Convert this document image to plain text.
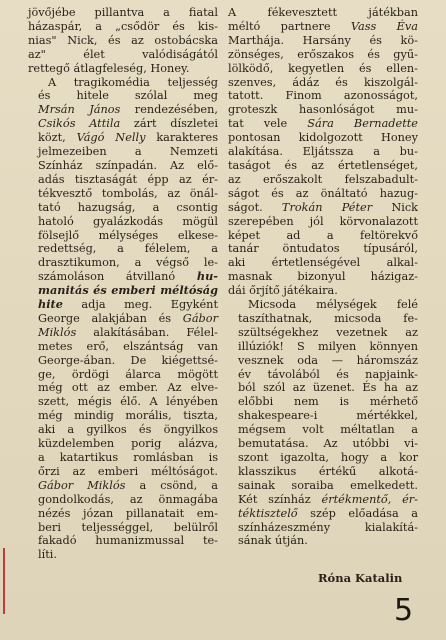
jövőjébe pillantva a fiatal
házaspár, a „csődör és kis-
nias" Nick, és az ostobácska
az" élet valódiságától
rettegő átlagfeleség, Honey.

A tragikomédia teljesség
és hitele szólal meg
Mrsán János rendezésében,
Csikós Attila zárt díszletei
közt, Vágó Nelly karakteres
jelmezeiben a Nemzeti
Színház színpadán. Az elő-
adás tisztaságát épp az ér-
tékvesztő tombolás, az önál-
tató hazugság, a csontig
hatoló gyalázkodás mögül
fölsejlő mélységes elkese-
redettség, a félelem, a
drasztikumon, a végső le-
számoláson átvillanó hu-
manitás és emberi méltóság
hite adja meg. Egyként
George alakjában és Gábor
Miklós alakításában. Félel-
metes erő, elszántság van
George-ában. De kiégettsé-
ge, ördögi álarca mögött
még ott az ember. Az elve-
szett, mégis élő. A lényében
még mindig morális, tiszta,
aki a gyilkos és öngyilkos
küzdelemben porig alázva,
a katartikus romlásban is
őrzi az emberi méltóságot.
Gábor Miklós a csönd, a
gondolkodás, az önmagába
nézés józan pillanatait em-
beri teljességgel, belülről
fakadó humanizmussal te-
líti.

A fékevesztett játékban
méltó partnere Vass Éva
Marthája. Harsány és kö-
zönséges, erőszakos és gyű-
lölködő, kegyetlen és ellen-
szenves, ádáz és kiszolgál-
tatott. Finom azonosságot,
groteszk hasonlóságot mu-
tat vele Sára Bernadette
pontosan kidolgozott Honey
alakítása. Eljátssza a bu-
taságot és az értetlenséget,
az erőszakolt felszabadult-
ságot és az önáltató hazug-
ságot. Trokán Péter Nick
szerepében jól körvonalazott
képet ad a feltörekvő
tanár öntudatos típusáról,
aki értetlenségével alkal-
masnak bizonyul házigaz-
dái őrjítő játékaira.

Micsoda mélységek felé
taszíthatnak, micsoda fe-
szültségekhez vezetnek az
illúziók! S milyen könnyen
vesznek oda — háromszáz
év távolából és napjaink-
ból szól az üzenet. És ha az
előbbi nem is mérhető
shakespeare-i mértékkel,
mégsem volt méltatlan a
bemutatása. Az utóbbi vi-
szont igazolta, hogy a kor
klasszikus értékű alkotá-
sainak soraiba emelkedett.
Két színház értékmentő, ér-
téktisztelő szép előadása a
színházeszmény kialakítá-
sának útján.

Róna Katalin
5
